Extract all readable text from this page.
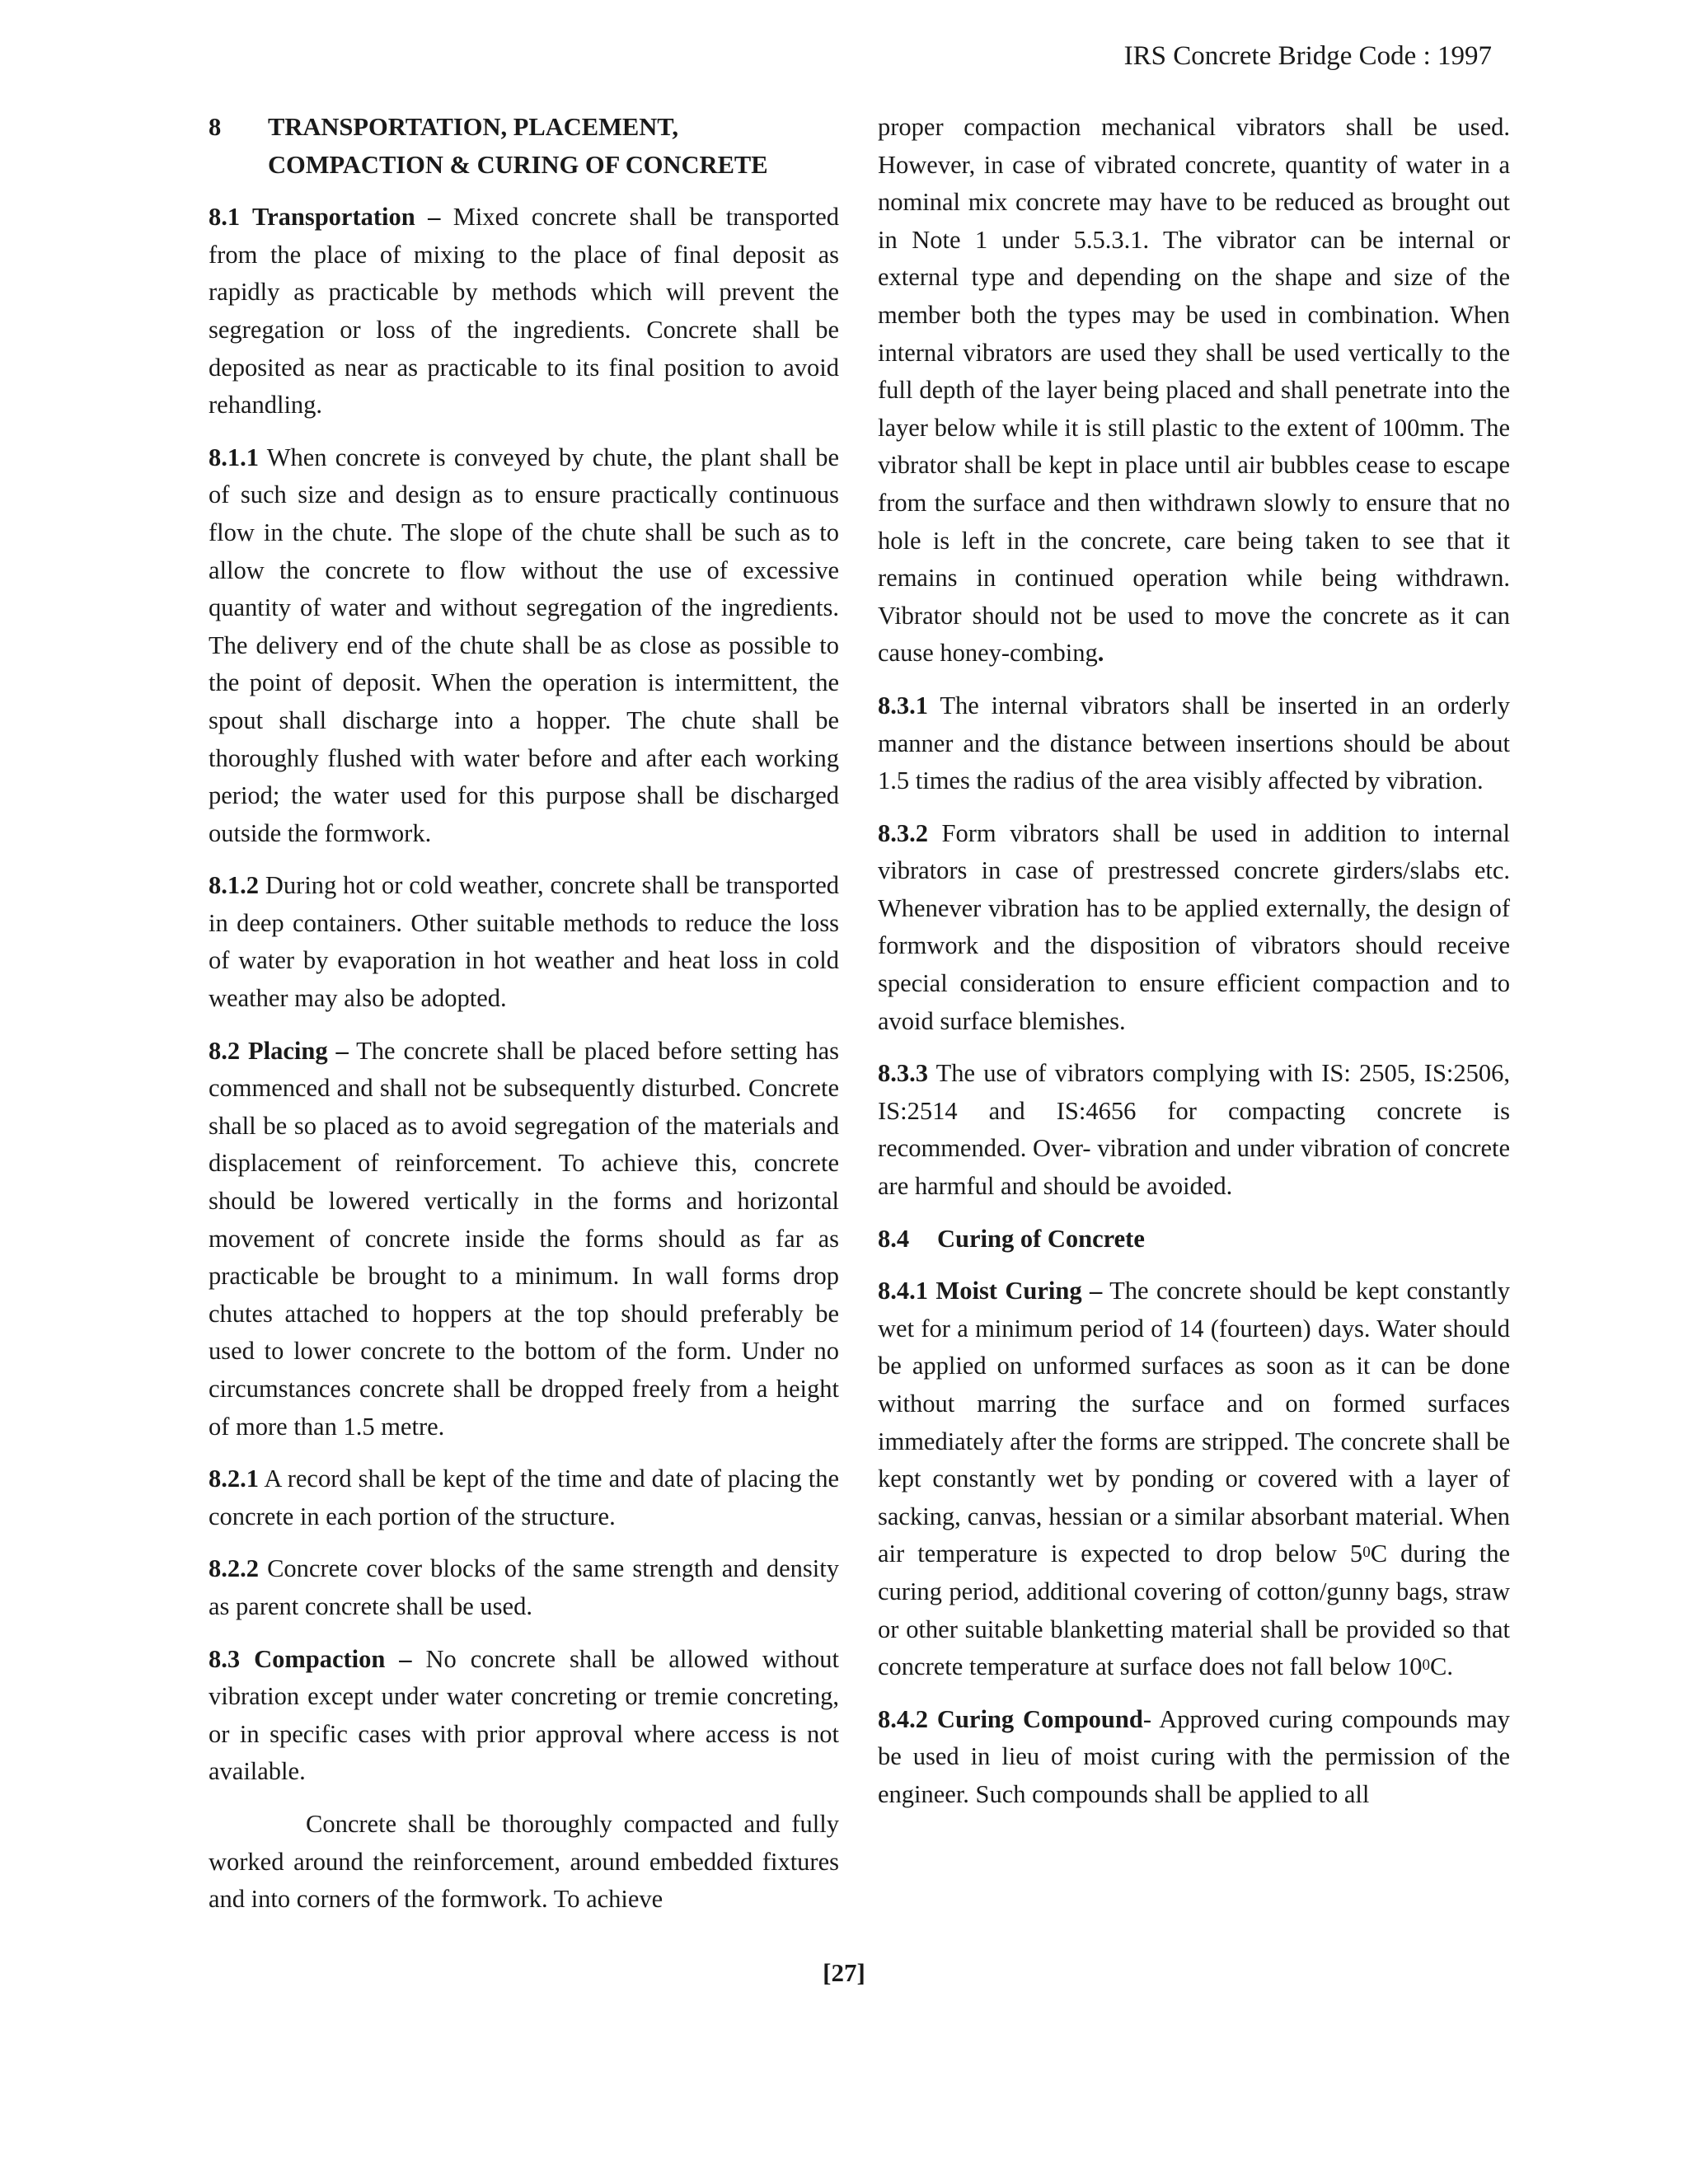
IRS Concrete Bridge Code : 1997
8	TRANSPORTATION, PLACEMENT,
COMPACTION & CURING OF CONCRETE

8.1 Transportation – Mixed concrete shall be transported from the place of mixing to the place of final deposit as rapidly as practicable by methods which will prevent the segregation or loss of the ingredients. Concrete shall be deposited as near as practicable to its final position to avoid rehandling.

8.1.1 When concrete is conveyed by chute, the plant shall be of such size and design as to ensure practically continuous flow in the chute. The slope of the chute shall be such as to allow the concrete to flow without the use of excessive quantity of water and without segregation of the ingredients. The delivery end of the chute shall be as close as possible to the point of deposit. When the operation is intermittent, the spout shall discharge into a hopper. The chute shall be thoroughly flushed with water before and after each working period; the water used for this purpose shall be discharged outside the formwork.

8.1.2 During hot or cold weather, concrete shall be transported in deep containers. Other suitable methods to reduce the loss of water by evaporation in hot weather and heat loss in cold weather may also be adopted.

8.2 Placing – The concrete shall be placed before setting has commenced and shall not be subsequently disturbed. Concrete shall be so placed as to avoid segregation of the materials and displacement of reinforcement. To achieve this, concrete should be lowered vertically in the forms and horizontal movement of concrete inside the forms should as far as practicable be brought to a minimum. In wall forms drop chutes attached to hoppers at the top should preferably be used to lower concrete to the bottom of the form. Under no circumstances concrete shall be dropped freely from a height of more than 1.5 metre.

8.2.1 A record shall be kept of the time and date of placing the concrete in each portion of the structure.

8.2.2 Concrete cover blocks of the same strength and density as parent concrete shall be used.

8.3 Compaction – No concrete shall be allowed without vibration except under water concreting or tremie concreting, or in specific cases with prior approval where access is not available.

Concrete shall be thoroughly compacted and fully worked around the reinforcement, around embedded fixtures and into corners of the formwork. To achieve

proper compaction mechanical vibrators shall be used. However, in case of vibrated concrete, quantity of water in a nominal mix concrete may have to be reduced as brought out in Note 1 under 5.5.3.1. The vibrator can be internal or external type and depending on the shape and size of the member both the types may be used in combination. When internal vibrators are used they shall be used vertically to the full depth of the layer being placed and shall penetrate into the layer below while it is still plastic to the extent of 100mm. The vibrator shall be kept in place until air bubbles cease to escape from the surface and then withdrawn slowly to ensure that no hole is left in the concrete, care being taken to see that it remains in continued operation while being withdrawn. Vibrator should not be used to move the concrete as it can cause honey-combing.

8.3.1 The internal vibrators shall be inserted in an orderly manner and the distance between insertions should be about 1.5 times the radius of the area visibly affected by vibration.

8.3.2 Form vibrators shall be used in addition to internal vibrators in case of prestressed concrete girders/slabs etc. Whenever vibration has to be applied externally, the design of formwork and the disposition of vibrators should receive special consideration to ensure efficient compaction and to avoid surface blemishes.

8.3.3 The use of vibrators complying with IS: 2505, IS:2506, IS:2514 and IS:4656 for compacting concrete is recommended. Over- vibration and under vibration of concrete are harmful and should be avoided.

8.4 Curing of Concrete

8.4.1 Moist Curing – The concrete should be kept constantly wet for a minimum period of 14 (fourteen) days. Water should be applied on unformed surfaces as soon as it can be done without marring the surface and on formed surfaces immediately after the forms are stripped. The concrete shall be kept constantly wet by ponding or covered with a layer of sacking, canvas, hessian or a similar absorbant material. When air temperature is expected to drop below $5^0C$ during the curing period, additional covering of cotton/gunny bags, straw or other suitable blanketting material shall be provided so that concrete temperature at surface does not fall below $10^0C$.

8.4.2 Curing Compound- Approved curing compounds may be used in lieu of moist curing with the permission of the engineer. Such compounds shall be applied to all

[27]
